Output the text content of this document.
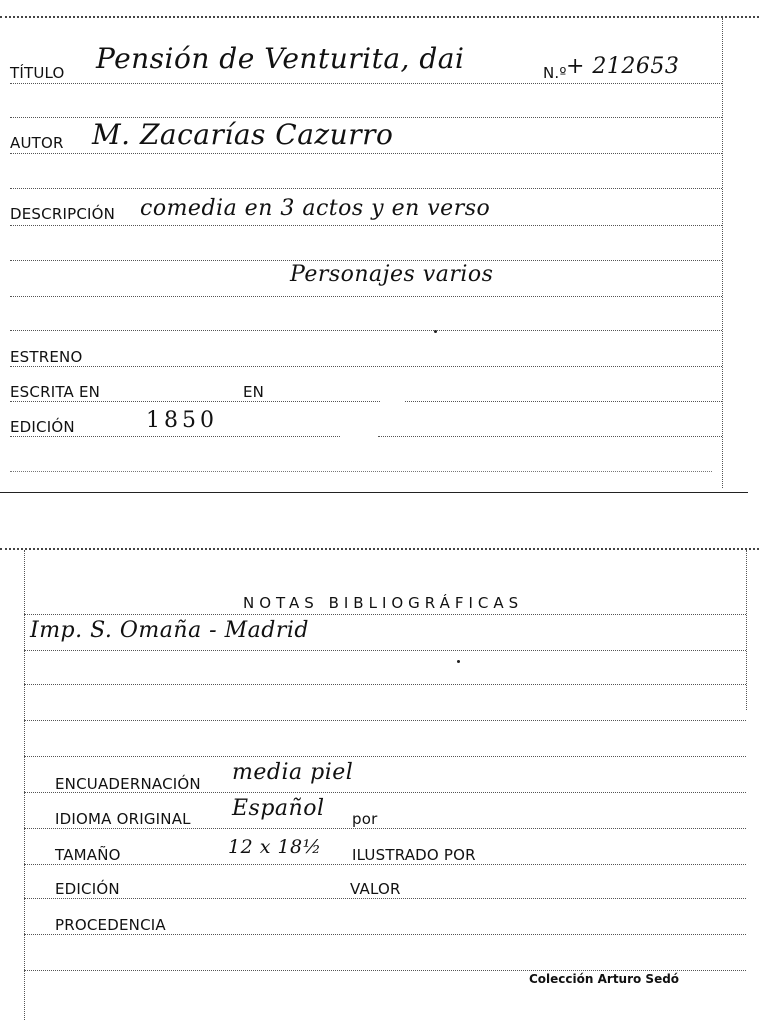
TÍTULO Pensión de Venturita, dai	N.º + 212653
AUTOR M. Zacarías Cazurro
DESCRIPCIÓN comedia en 3 actos y en verso
Personajes varios
ESTRENO
ESCRITA EN	EN
EDICIÓN	1850
NOTAS BIBLIOGRÁFICAS
Imp. S. Omaña - Madrid
ENCUADERNACIÓN media piel
IDIOMA ORIGINAL Español por
TAMAÑO	12 x 18½ ILUSTRADO POR
EDICIÓN	VALOR
PROCEDENCIA
Colección Arturo Sedó
